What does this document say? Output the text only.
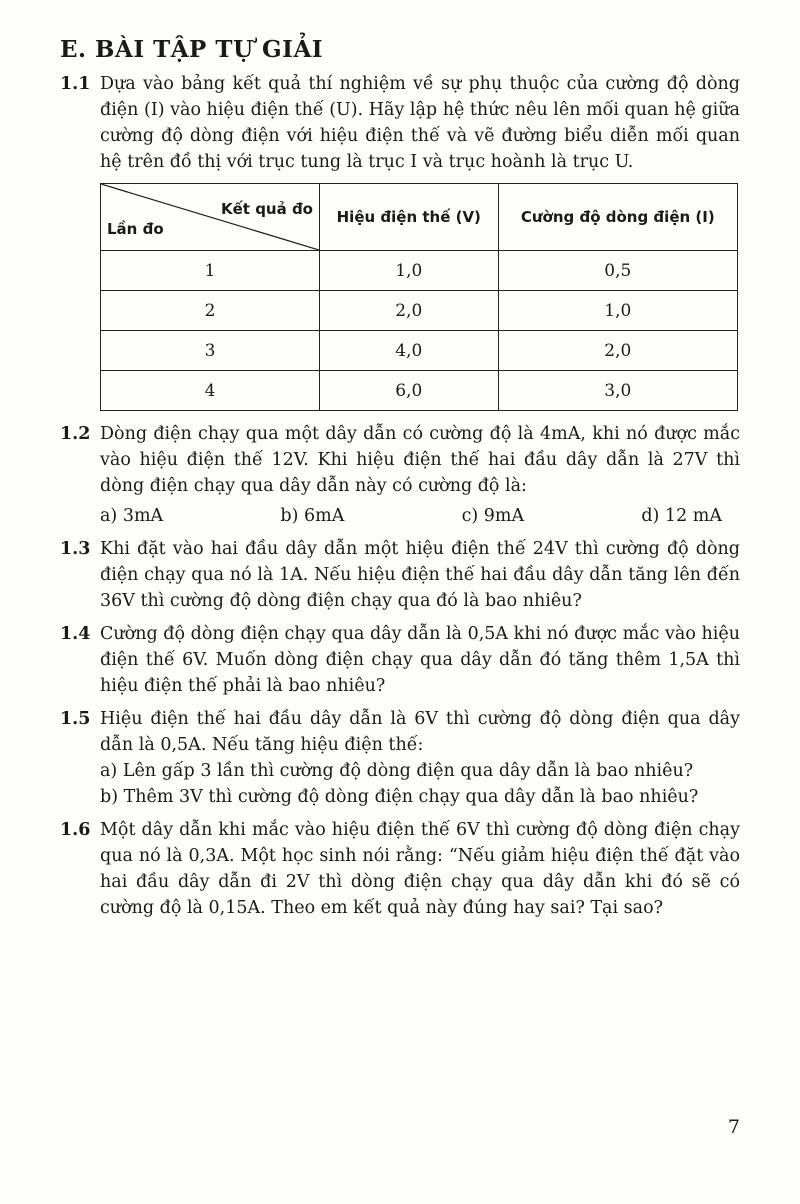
E. BÀI TẬP TỰ GIẢI
1.1 Dựa vào bảng kết quả thí nghiệm về sự phụ thuộc của cường độ dòng điện (I) vào hiệu điện thế (U). Hãy lập hệ thức nêu lên mối quan hệ giữa cường độ dòng điện với hiệu điện thế và vẽ đường biểu diễn mối quan hệ trên đồ thị với trục tung là trục I và trục hoành là trục U.

Kết quả đo
Lần đo	Hiệu điện thế (V)	Cường độ dòng điện (I)
1	1,0	0,5
2	2,0	1,0
3	4,0	2,0
4	6,0	3,0
1.2 Dòng điện chạy qua một dây dẫn có cường độ là 4mA, khi nó được mắc vào hiệu điện thế 12V. Khi hiệu điện thế hai đầu dây dẫn là 27V thì dòng điện chạy qua dây dẫn này có cường độ là:

a) 3mA	b) 6mA	c) 9mA	d) 12 mA
1.3 Khi đặt vào hai đầu dây dẫn một hiệu điện thế 24V thì cường độ dòng điện chạy qua nó là 1A. Nếu hiệu điện thế hai đầu dây dẫn tăng lên đến 36V thì cường độ dòng điện chạy qua đó là bao nhiêu?

1.4 Cường độ dòng điện chạy qua dây dẫn là 0,5A khi nó được mắc vào hiệu điện thế 6V. Muốn dòng điện chạy qua dây dẫn đó tăng thêm 1,5A thì hiệu điện thế phải là bao nhiêu?

1.5 Hiệu điện thế hai đầu dây dẫn là 6V thì cường độ dòng điện qua dây dẫn là 0,5A. Nếu tăng hiệu điện thế:

a) Lên gấp 3 lần thì cường độ dòng điện qua dây dẫn là bao nhiêu?

b) Thêm 3V thì cường độ dòng điện chạy qua dây dẫn là bao nhiêu?

1.6 Một dây dẫn khi mắc vào hiệu điện thế 6V thì cường độ dòng điện chạy qua nó là 0,3A. Một học sinh nói rằng: “Nếu giảm hiệu điện thế đặt vào hai đầu dây dẫn đi 2V thì dòng điện chạy qua dây dẫn khi đó sẽ có cường độ là 0,15A. Theo em kết quả này đúng hay sai? Tại sao?

7
